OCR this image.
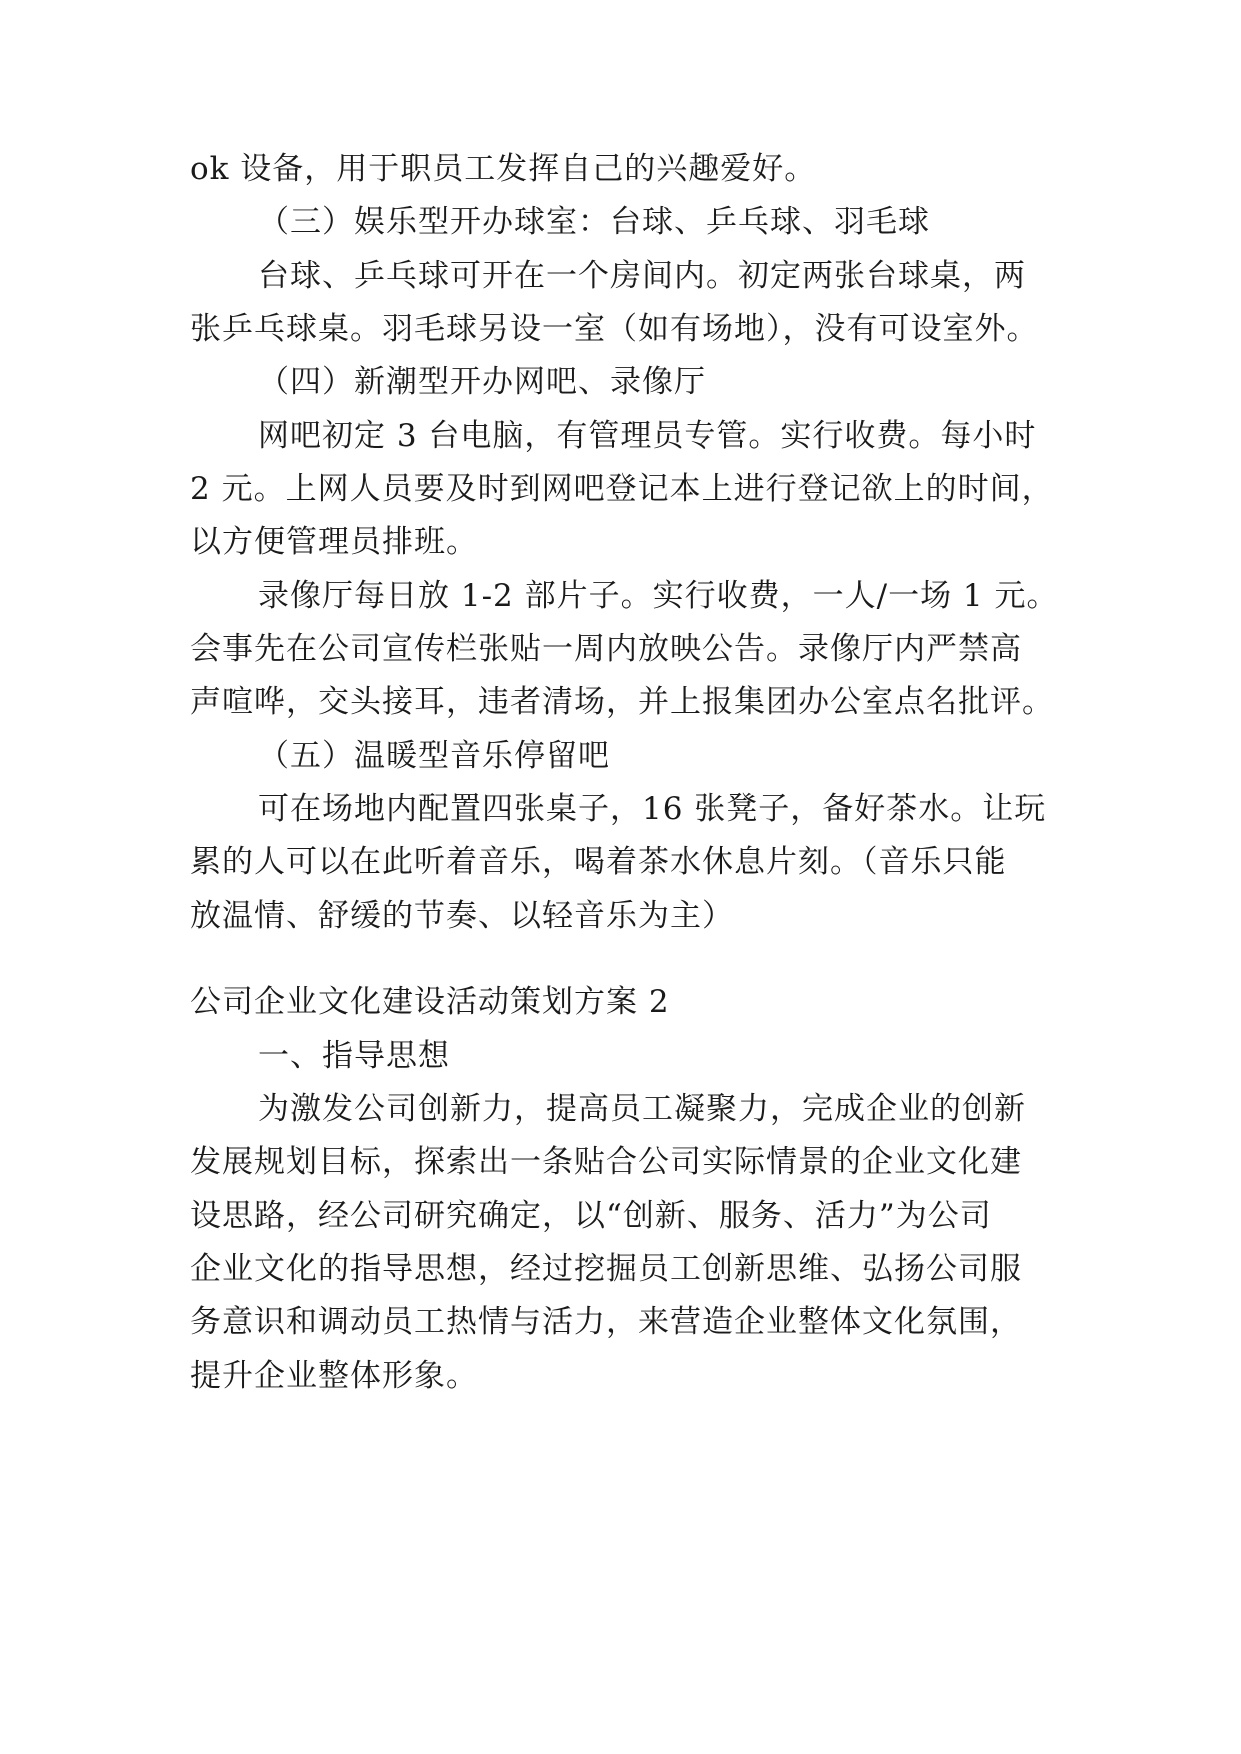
ok 设备，用于职员工发挥自己的兴趣爱好。
（三）娱乐型开办球室：台球、乒乓球、羽毛球
台球、乒乓球可开在一个房间内。初定两张台球桌，两
张乒乓球桌。羽毛球另设一室（如有场地），没有可设室外。
（四）新潮型开办网吧、录像厅
网吧初定 3 台电脑，有管理员专管。实行收费。每小时
2 元。上网人员要及时到网吧登记本上进行登记欲上的时间，
以方便管理员排班。
录像厅每日放 1-2 部片子。实行收费，一人/一场 1 元。
会事先在公司宣传栏张贴一周内放映公告。录像厅内严禁高
声喧哗，交头接耳，违者清场，并上报集团办公室点名批评。
（五）温暖型音乐停留吧
可在场地内配置四张桌子，16 张凳子，备好茶水。让玩
累的人可以在此听着音乐，喝着茶水休息片刻。（音乐只能
放温情、舒缓的节奏、以轻音乐为主）
公司企业文化建设活动策划方案 2
一、指导思想
为激发公司创新力，提高员工凝聚力，完成企业的创新
发展规划目标，探索出一条贴合公司实际情景的企业文化建
设思路，经公司研究确定，以“创新、服务、活力”为公司
企业文化的指导思想，经过挖掘员工创新思维、弘扬公司服
务意识和调动员工热情与活力，来营造企业整体文化氛围，
提升企业整体形象。
